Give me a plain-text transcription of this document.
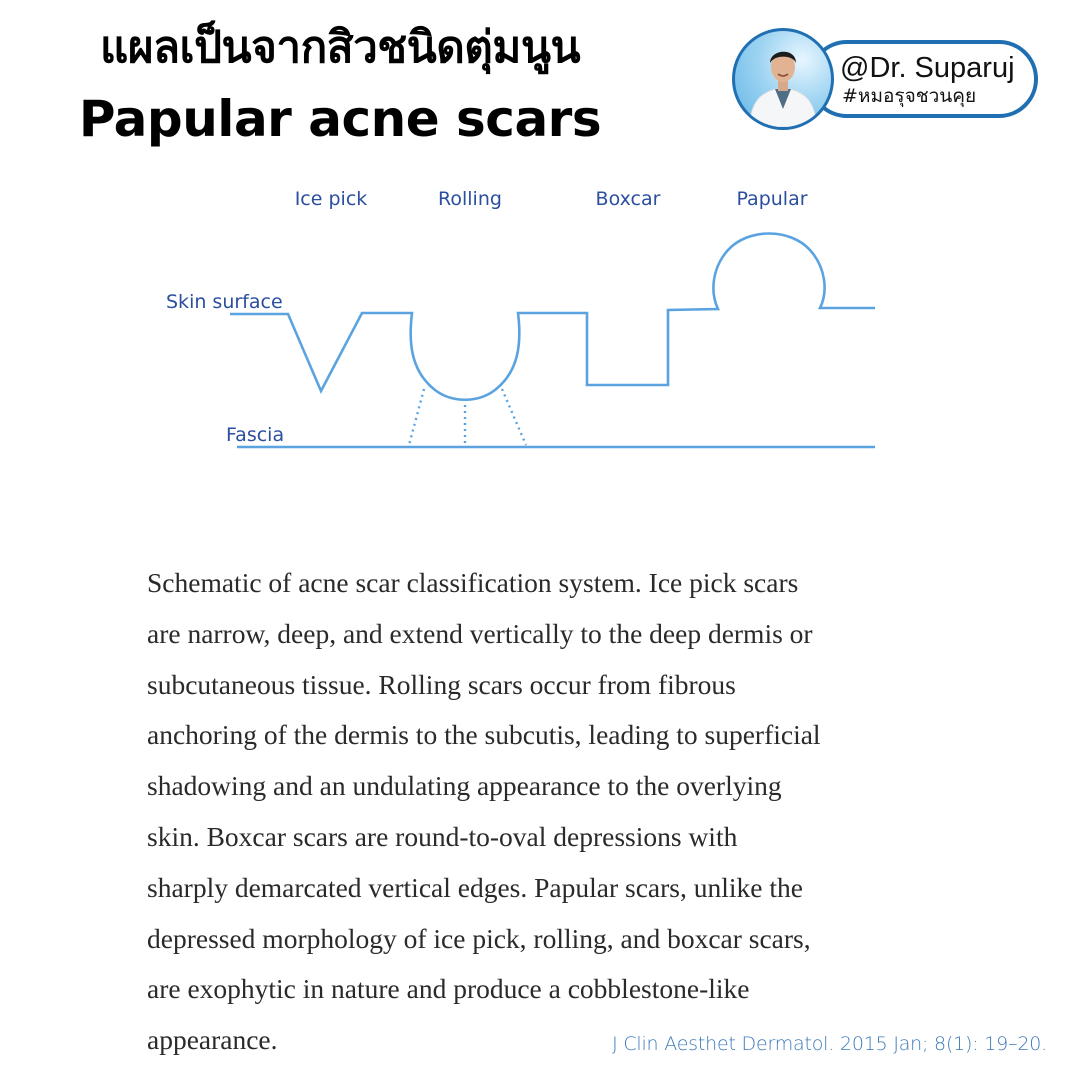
แผลเป็นจากสิวชนิดตุ่มนูน
Papular acne scars
@Dr. Suparuj
#หมอรุจชวนคุย
Ice pick	Rolling	Boxcar	Papular
Skin surface
Fascia
Schematic of acne scar classification system. Ice pick scars
are narrow, deep, and extend vertically to the deep dermis or
subcutaneous tissue. Rolling scars occur from fibrous
anchoring of the dermis to the subcutis, leading to superficial
shadowing and an undulating appearance to the overlying
skin. Boxcar scars are round-to-oval depressions with
sharply demarcated vertical edges. Papular scars, unlike the
depressed morphology of ice pick, rolling, and boxcar scars,
are exophytic in nature and produce a cobblestone-like
appearance.	J Clin Aesthet Dermatol. 2015 Jan; 8(1): 19–20.
